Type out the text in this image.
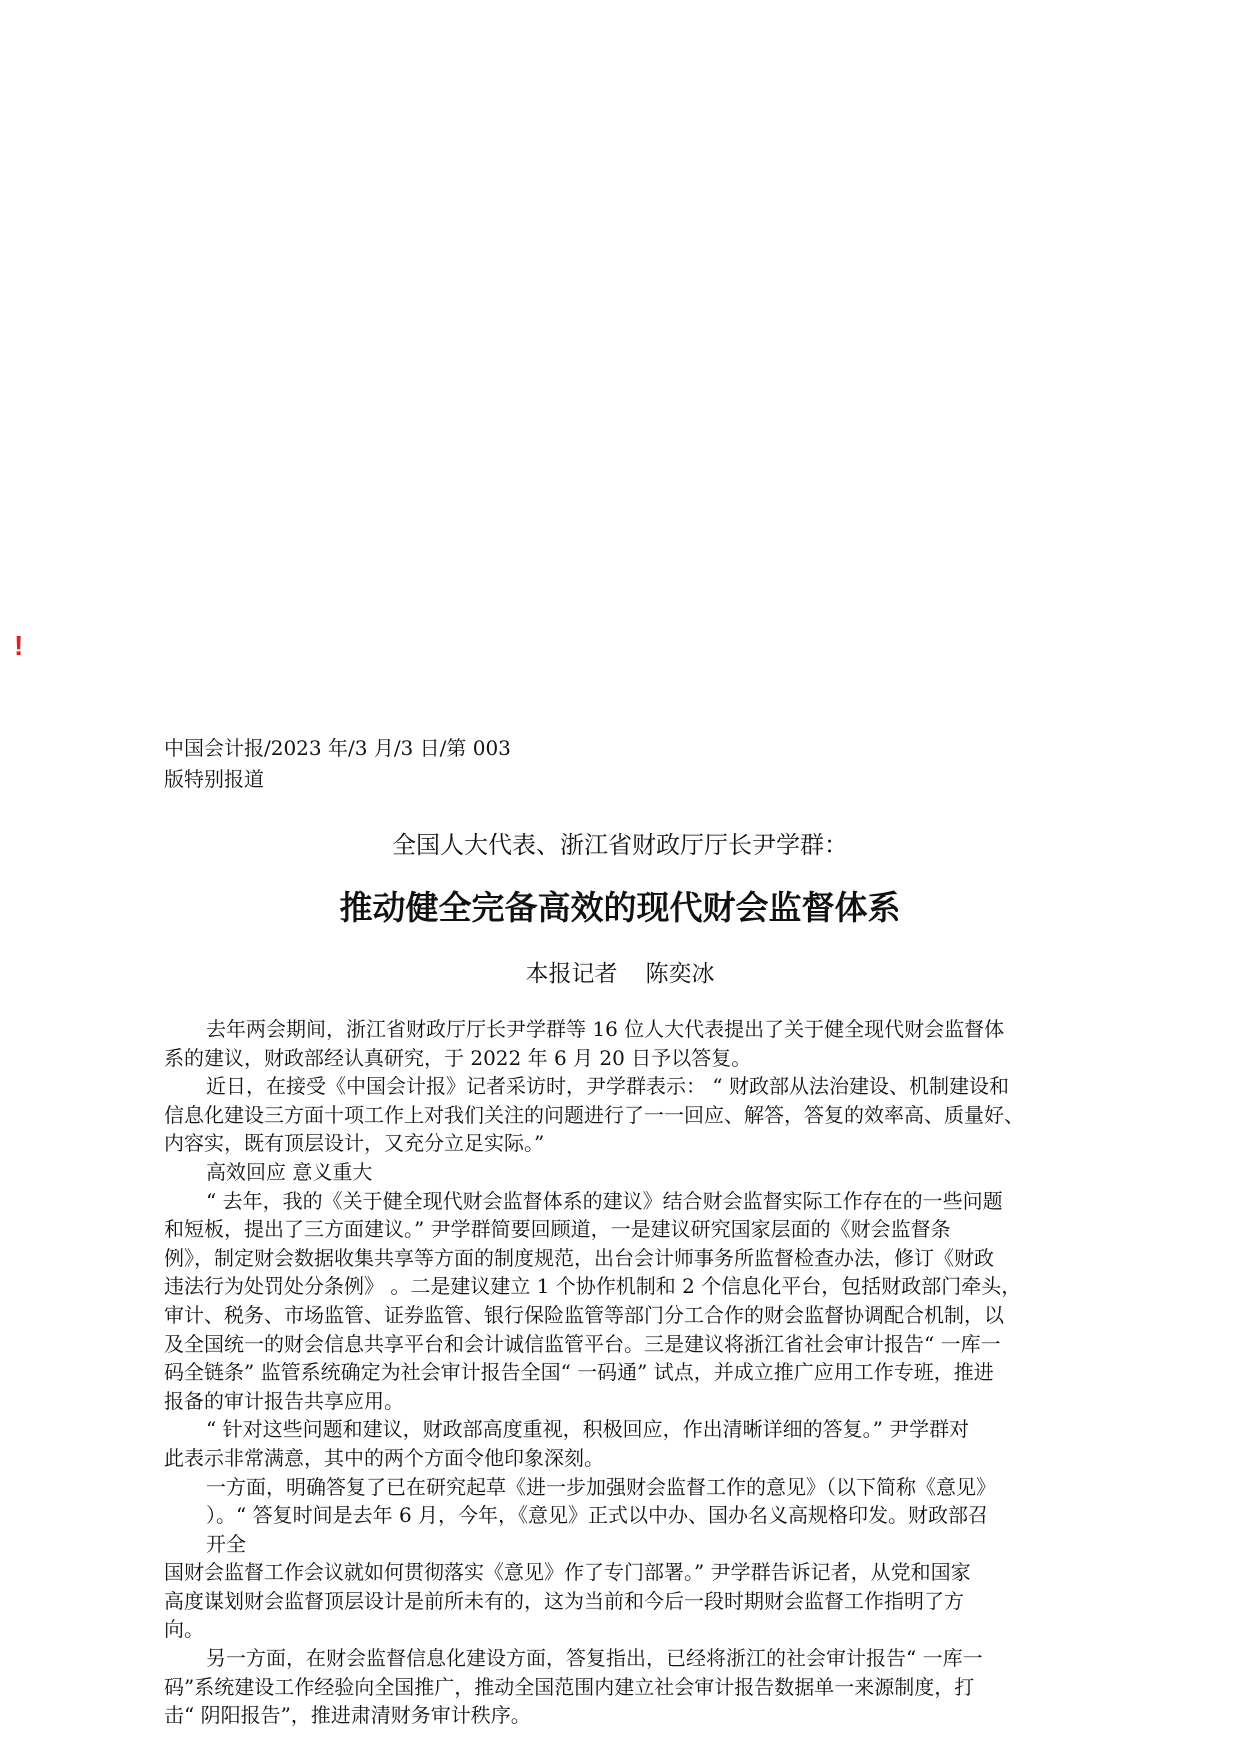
!
中国会计报/2023 年/3 月/3 日/第 003
版特别报道
全国人大代表、浙江省财政厅厅长尹学群：
推动健全完备高效的现代财会监督体系
本报记者 陈奕冰
去年两会期间，浙江省财政厅厅长尹学群等 16 位人大代表提出了关于健全现代财会监督体
系的建议，财政部经认真研究，于 2022 年 6 月 20 日予以答复。
近日，在接受《中国会计报》记者采访时，尹学群表示： “ 财政部从法治建设、机制建设和
信息化建设三方面十项工作上对我们关注的问题进行了一一回应、解答，答复的效率高、质量好、
内容实，既有顶层设计，又充分立足实际。”
高效回应 意义重大
“ 去年，我的《关于健全现代财会监督体系的建议》结合财会监督实际工作存在的一些问题
和短板，提出了三方面建议。” 尹学群简要回顾道，一是建议研究国家层面的《财会监督条
例》，制定财会数据收集共享等方面的制度规范，出台会计师事务所监督检查办法，修订《财政
违法行为处罚处分条例》 。二是建议建立 1 个协作机制和 2 个信息化平台，包括财政部门牵头，
审计、税务、市场监管、证券监管、银行保险监管等部门分工合作的财会监督协调配合机制，以
及全国统一的财会信息共享平台和会计诚信监管平台。三是建议将浙江省社会审计报告“ 一库一
码全链条” 监管系统确定为社会审计报告全国“ 一码通” 试点，并成立推广应用工作专班，推进
报备的审计报告共享应用。
“ 针对这些问题和建议，财政部高度重视，积极回应，作出清晰详细的答复。” 尹学群对
此表示非常满意，其中的两个方面令他印象深刻。
一方面，明确答复了已在研究起草《进一步加强财会监督工作的意见》（以下简称《意见》
）。“ 答复时间是去年 6 月，今年，《意见》正式以中办、国办名义高规格印发。财政部召
开全
国财会监督工作会议就如何贯彻落实《意见》作了专门部署。” 尹学群告诉记者，从党和国家
高度谋划财会监督顶层设计是前所未有的，这为当前和今后一段时期财会监督工作指明了方
向。
另一方面，在财会监督信息化建设方面，答复指出，已经将浙江的社会审计报告“ 一库一
码”系统建设工作经验向全国推广，推动全国范围内建立社会审计报告数据单一来源制度，打
击“ 阴阳报告”，推进肃清财务审计秩序。
